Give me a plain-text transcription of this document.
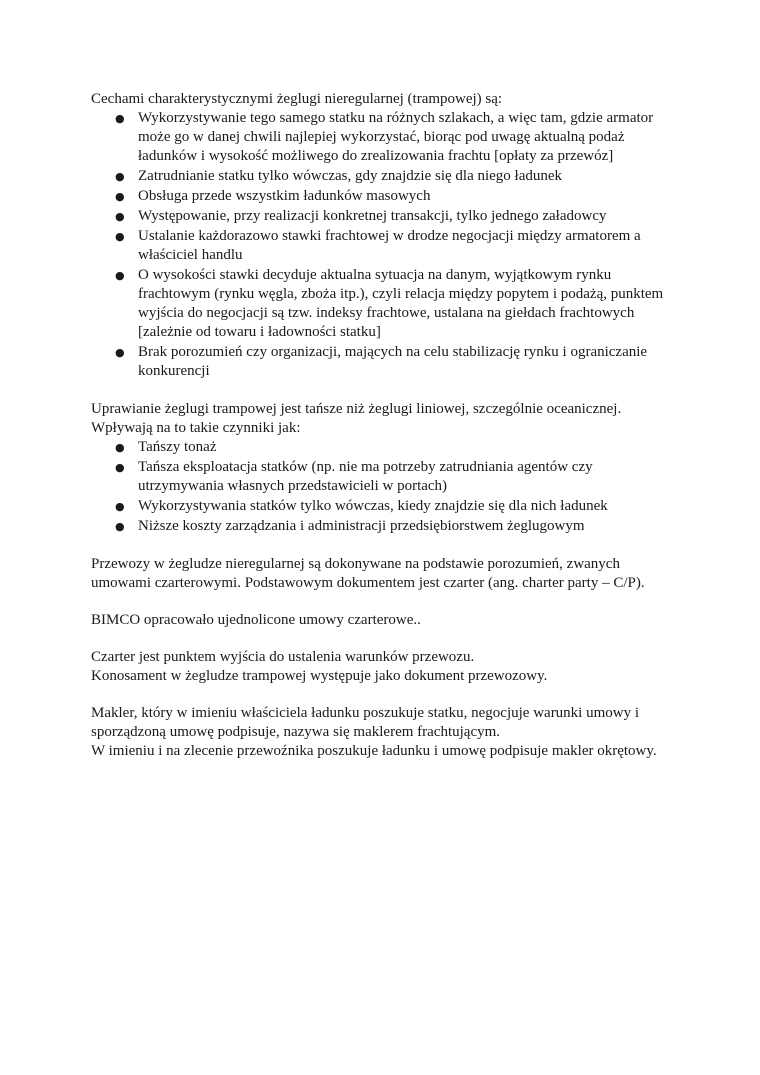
Cechami charakterystycznymi żeglugi nieregularnej (trampowej) są:

● Wykorzystywanie tego samego statku na różnych szlakach, a więc tam, gdzie armator może go w danej chwili najlepiej wykorzystać, biorąc pod uwagę aktualną podaż ładunków i wysokość możliwego do zrealizowania frachtu [opłaty za przewóz]
● Zatrudnianie statku tylko wówczas, gdy znajdzie się dla niego ładunek
● Obsługa przede wszystkim ładunków masowych
● Występowanie, przy realizacji konkretnej transakcji, tylko jednego załadowcy
● Ustalanie każdorazowo stawki frachtowej w drodze negocjacji między armatorem a właściciel handlu
● O wysokości stawki decyduje aktualna sytuacja na danym, wyjątkowym rynku frachtowym (rynku węgla, zboża itp.), czyli relacja między popytem i podażą, punktem wyjścia do negocjacji są tzw. indeksy frachtowe, ustalana na giełdach frachtowych [zależnie od towaru i ładowności statku]
● Brak porozumień czy organizacji, mających na celu stabilizację rynku i ograniczanie konkurencji

Uprawianie żeglugi trampowej jest tańsze niż żeglugi liniowej, szczególnie oceanicznej.

Wpływają na to takie czynniki jak:

● Tańszy tonaż
● Tańsza eksploatacja statków (np. nie ma potrzeby zatrudniania agentów czy utrzymywania własnych przedstawicieli w portach)
● Wykorzystywania statków tylko wówczas, kiedy znajdzie się dla nich ładunek
● Niższe koszty zarządzania i administracji przedsiębiorstwem żeglugowym

Przewozy w żegludze nieregularnej są dokonywane na podstawie porozumień, zwanych umowami czarterowymi. Podstawowym dokumentem jest czarter (ang. charter party – C/P).

BIMCO opracowało ujednolicone umowy czarterowe..

Czarter jest punktem wyjścia do ustalenia warunków przewozu.

Konosament w żegludze trampowej występuje jako dokument przewozowy.

Makler, który w imieniu właściciela ładunku poszukuje statku, negocjuje warunki umowy i sporządzoną umowę podpisuje, nazywa się maklerem frachtującym.

W imieniu i na zlecenie przewoźnika poszukuje ładunku i umowę podpisuje makler okrętowy.
